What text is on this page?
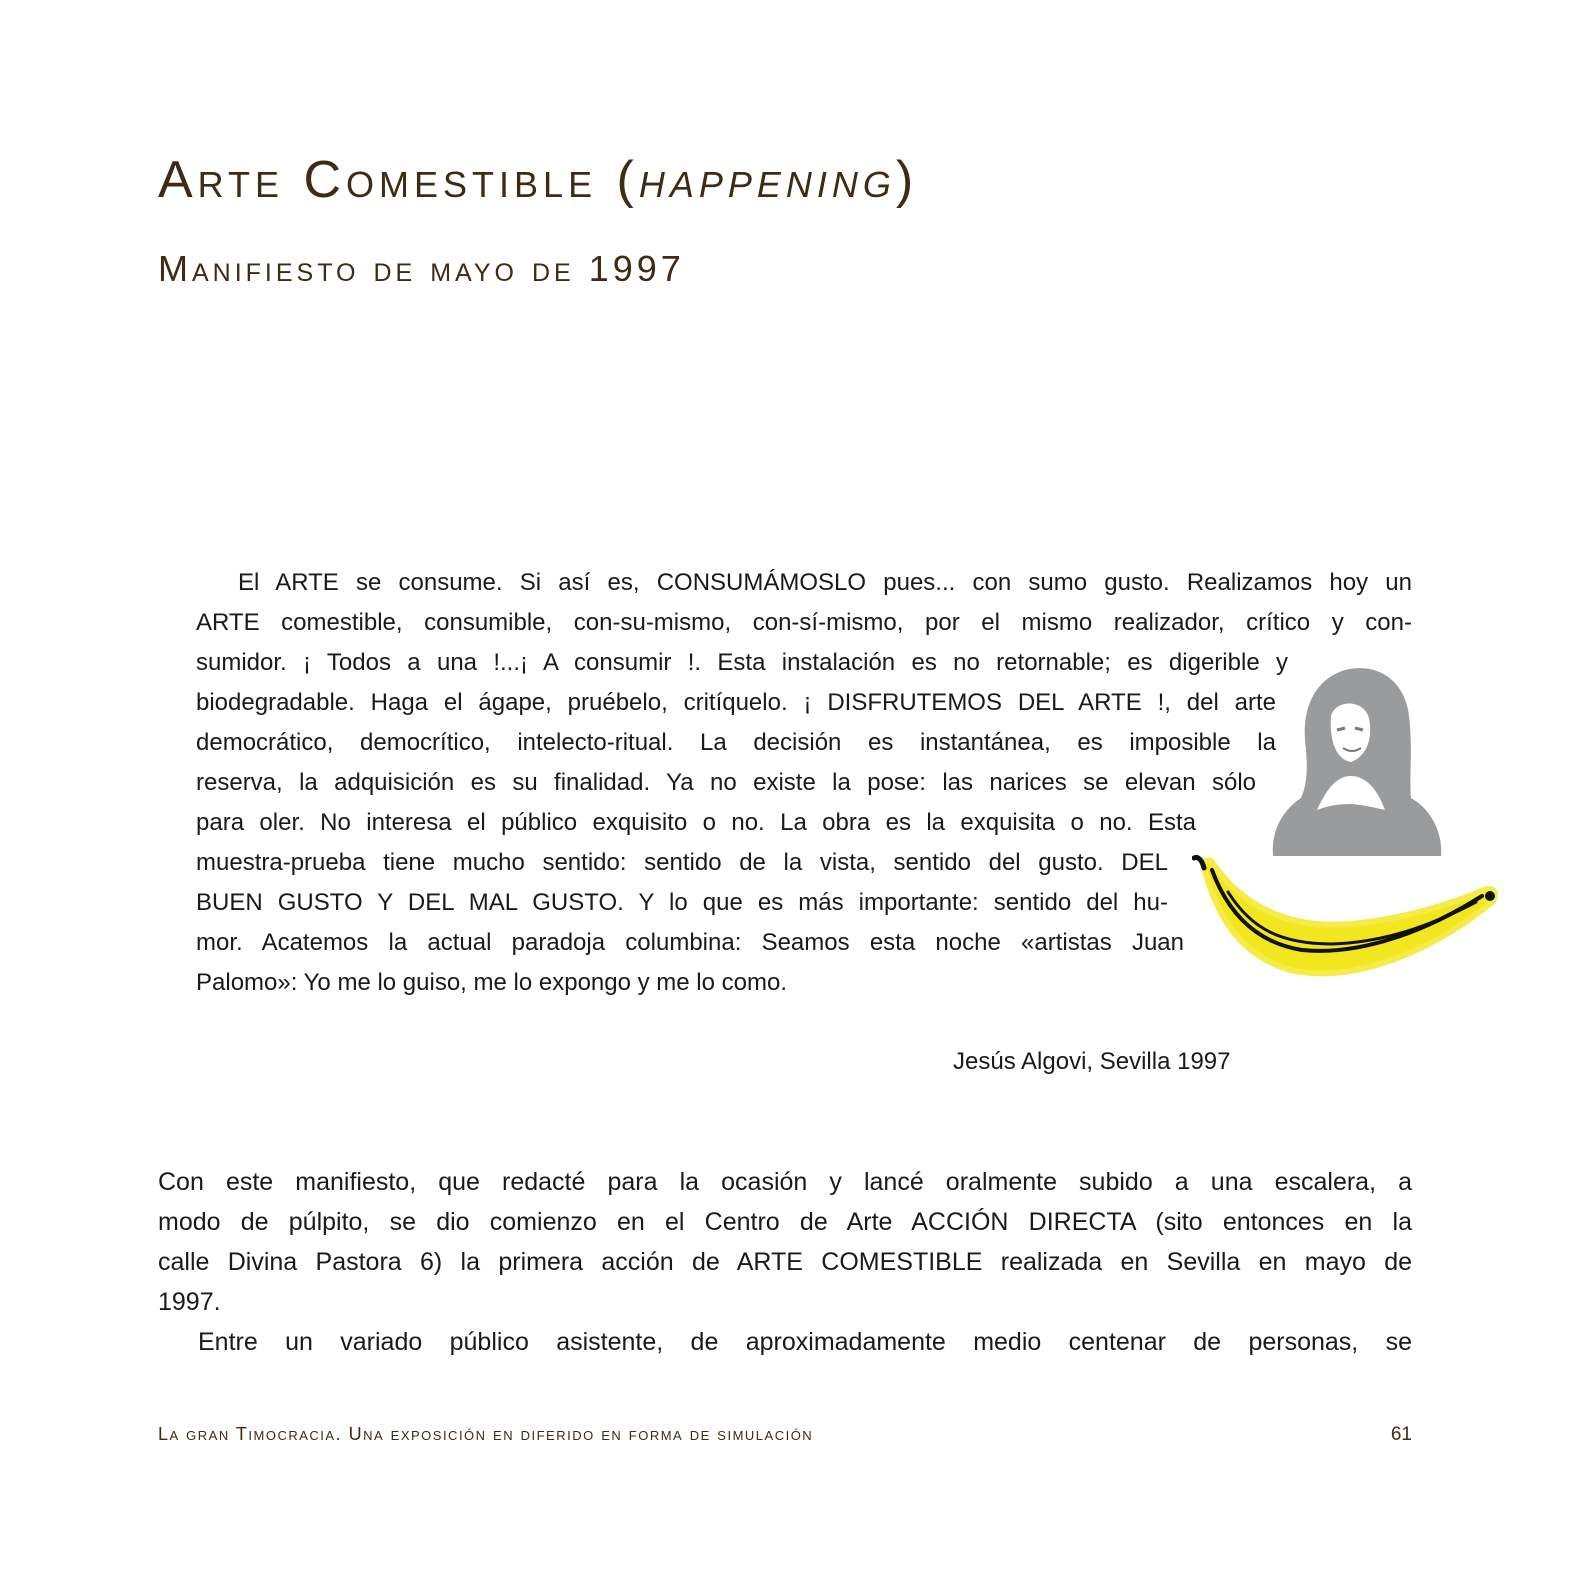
Arte Comestible (happening)
Manifiesto de mayo de 1997
El ARTE se consume. Si así es, CONSUMÁMOSLO pues... con sumo gusto. Realizamos hoy un
ARTE comestible, consumible, con-su-mismo, con-sí-mismo, por el mismo realizador, crítico y con-
sumidor. ¡ Todos a una !...¡ A consumir !. Esta instalación es no retornable; es digerible y
biodegradable. Haga el ágape, pruébelo, critíquelo. ¡ DISFRUTEMOS DEL ARTE !, del arte
democrático, democrítico, intelecto-ritual. La decisión es instantánea, es imposible la
reserva, la adquisición es su finalidad. Ya no existe la pose: las narices se elevan sólo
para oler. No interesa el público exquisito o no. La obra es la exquisita o no. Esta
muestra-prueba tiene mucho sentido: sentido de la vista, sentido del gusto. DEL
BUEN GUSTO Y DEL MAL GUSTO. Y lo que es más importante: sentido del hu-
mor. Acatemos la actual paradoja columbina: Seamos esta noche «artistas Juan
Palomo»: Yo me lo guiso, me lo expongo y me lo como.
Jesús Algovi, Sevilla 1997
Con este manifiesto, que redacté para la ocasión y lancé oralmente subido a una escalera, a
modo de púlpito, se dio comienzo en el Centro de Arte ACCIÓN DIRECTA (sito entonces en la
calle Divina Pastora 6) la primera acción de ARTE COMESTIBLE realizada en Sevilla en mayo de
1997.
Entre un variado público asistente, de aproximadamente medio centenar de personas, se
La gran Timocracia. Una exposición en diferido en forma de simulación	61
